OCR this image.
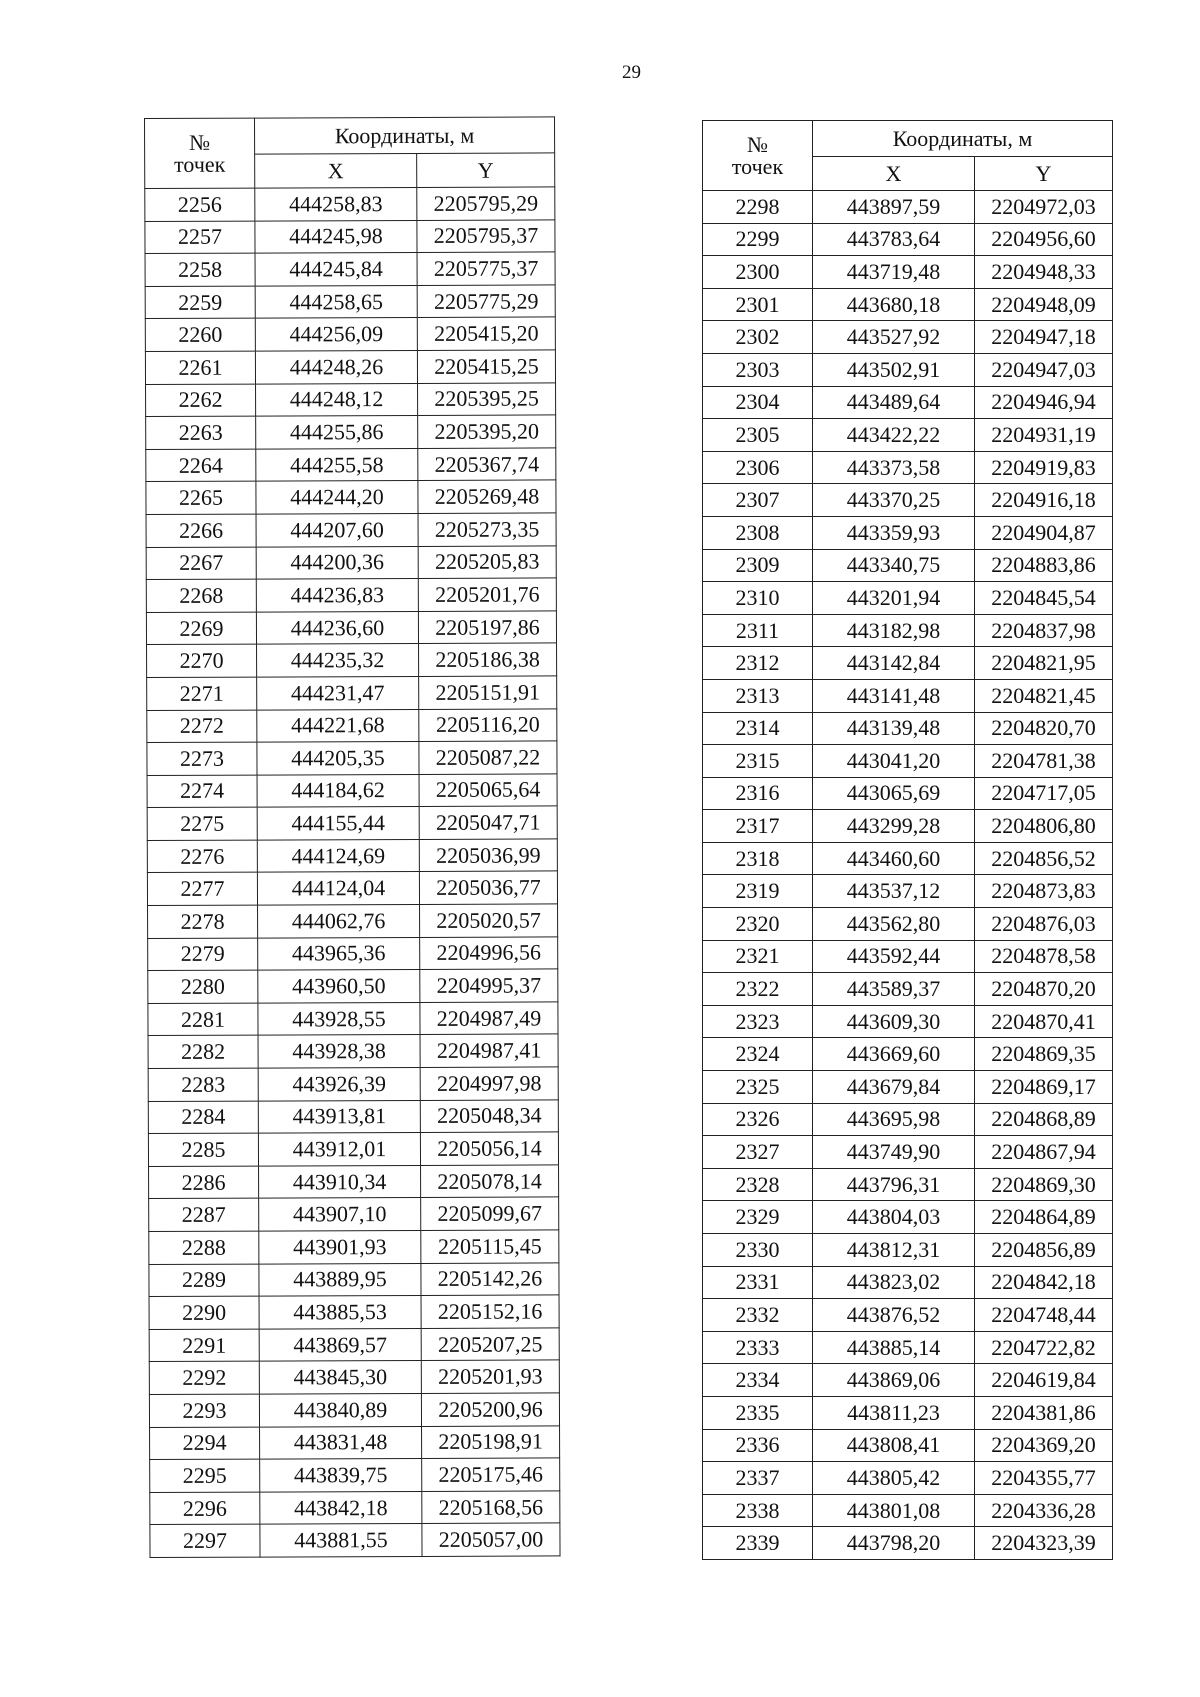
29
№
точек	Координаты, м	
	X	Y
2256	444258,83	2205795,29
2257	444245,98	2205795,37
2258	444245,84	2205775,37
2259	444258,65	2205775,29
2260	444256,09	2205415,20
2261	444248,26	2205415,25
2262	444248,12	2205395,25
2263	444255,86	2205395,20
2264	444255,58	2205367,74
2265	444244,20	2205269,48
2266	444207,60	2205273,35
2267	444200,36	2205205,83
2268	444236,83	2205201,76
2269	444236,60	2205197,86
2270	444235,32	2205186,38
2271	444231,47	2205151,91
2272	444221,68	2205116,20
2273	444205,35	2205087,22
2274	444184,62	2205065,64
2275	444155,44	2205047,71
2276	444124,69	2205036,99
2277	444124,04	2205036,77
2278	444062,76	2205020,57
2279	443965,36	2204996,56
2280	443960,50	2204995,37
2281	443928,55	2204987,49
2282	443928,38	2204987,41
2283	443926,39	2204997,98
2284	443913,81	2205048,34
2285	443912,01	2205056,14
2286	443910,34	2205078,14
2287	443907,10	2205099,67
2288	443901,93	2205115,45
2289	443889,95	2205142,26
2290	443885,53	2205152,16
2291	443869,57	2205207,25
2292	443845,30	2205201,93
2293	443840,89	2205200,96
2294	443831,48	2205198,91
2295	443839,75	2205175,46
2296	443842,18	2205168,56
2297	443881,55	2205057,00
№
точек	Координаты, м	
	X	Y
2298	443897,59	2204972,03
2299	443783,64	2204956,60
2300	443719,48	2204948,33
2301	443680,18	2204948,09
2302	443527,92	2204947,18
2303	443502,91	2204947,03
2304	443489,64	2204946,94
2305	443422,22	2204931,19
2306	443373,58	2204919,83
2307	443370,25	2204916,18
2308	443359,93	2204904,87
2309	443340,75	2204883,86
2310	443201,94	2204845,54
2311	443182,98	2204837,98
2312	443142,84	2204821,95
2313	443141,48	2204821,45
2314	443139,48	2204820,70
2315	443041,20	2204781,38
2316	443065,69	2204717,05
2317	443299,28	2204806,80
2318	443460,60	2204856,52
2319	443537,12	2204873,83
2320	443562,80	2204876,03
2321	443592,44	2204878,58
2322	443589,37	2204870,20
2323	443609,30	2204870,41
2324	443669,60	2204869,35
2325	443679,84	2204869,17
2326	443695,98	2204868,89
2327	443749,90	2204867,94
2328	443796,31	2204869,30
2329	443804,03	2204864,89
2330	443812,31	2204856,89
2331	443823,02	2204842,18
2332	443876,52	2204748,44
2333	443885,14	2204722,82
2334	443869,06	2204619,84
2335	443811,23	2204381,86
2336	443808,41	2204369,20
2337	443805,42	2204355,77
2338	443801,08	2204336,28
2339	443798,20	2204323,39
